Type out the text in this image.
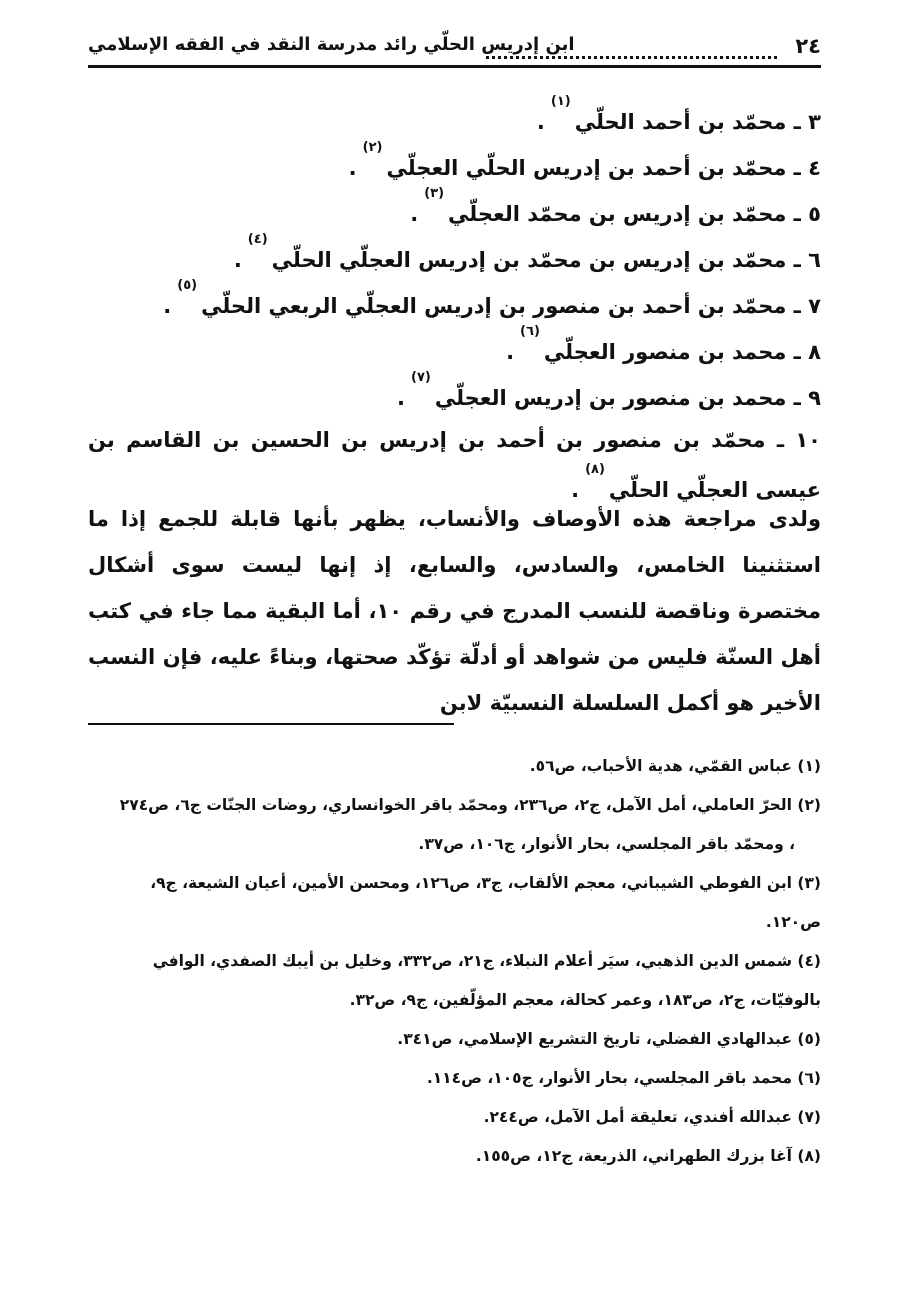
٢٤
ابن إدريس الحلّي رائد مدرسة النقد في الفقه الإسلامي
٣ ـ محمّد بن أحمد الحلّي$^{(١)}$.
٤ ـ محمّد بن أحمد بن إدريس الحلّي العجلّي$^{(٢)}$.
٥ ـ محمّد بن إدريس بن محمّد العجلّي$^{(٣)}$.
٦ ـ محمّد بن إدريس بن محمّد بن إدريس العجلّي الحلّي$^{(٤)}$.
٧ ـ محمّد بن أحمد بن منصور بن إدريس العجلّي الربعي الحلّي$^{(٥)}$.
٨ ـ محمد بن منصور العجلّي$^{(٦)}$.
٩ ـ محمد بن منصور بن إدريس العجلّي$^{(٧)}$.
١٠ ـ محمّد بن منصور بن أحمد بن إدريس بن الحسين بن القاسم بن عيسى العجلّي الحلّي$^{(٨)}$.
ولدى مراجعة هذه الأوصاف والأنساب، يظهر بأنها قابلة للجمع إذا ما استثنينا الخامس، والسادس، والسابع، إذ إنها ليست سوى أشكال مختصرة وناقصة للنسب المدرج في رقم ١٠، أما البقية مما جاء في كتب أهل السنّة فليس من شواهد أو أدلّة تؤكّد صحتها، وبناءً عليه، فإن النسب الأخير هو أكمل السلسلة النسبيّة لابن
(١) عباس القمّي، هدية الأحباب، ص٥٦.
(٢) الحرّ العاملي، أمل الآمل، ج٢، ص٢٣٦، ومحمّد باقر الخوانساري، روضات الجنّات ج٦، ص٢٧٤
، ومحمّد باقر المجلسي، بحار الأنوار، ج١٠٦، ص٣٧.
(٣) ابن الفوطي الشيباني، معجم الألقاب، ج٣، ص١٢٦، ومحسن الأمين، أعيان الشيعة، ج٩،
ص١٢٠.
(٤) شمس الدين الذهبي، سيَر أعلام النبلاء، ج٢١، ص٣٣٢، وخليل بن أيبك الصفدي، الوافي
بالوفيّات، ج٢، ص١٨٣، وعمر كحالة، معجم المؤلّفين، ج٩، ص٣٢.
(٥) عبدالهادي الفضلي، تاريخ التشريع الإسلامي، ص٣٤١.
(٦) محمد باقر المجلسي، بحار الأنوار، ج١٠٥، ص١١٤.
(٧) عبدالله أفندي، تعليقة أمل الآمل، ص٢٤٤.
(٨) آغا بزرك الطهراني، الذريعة، ج١٢، ص١٥٥.
